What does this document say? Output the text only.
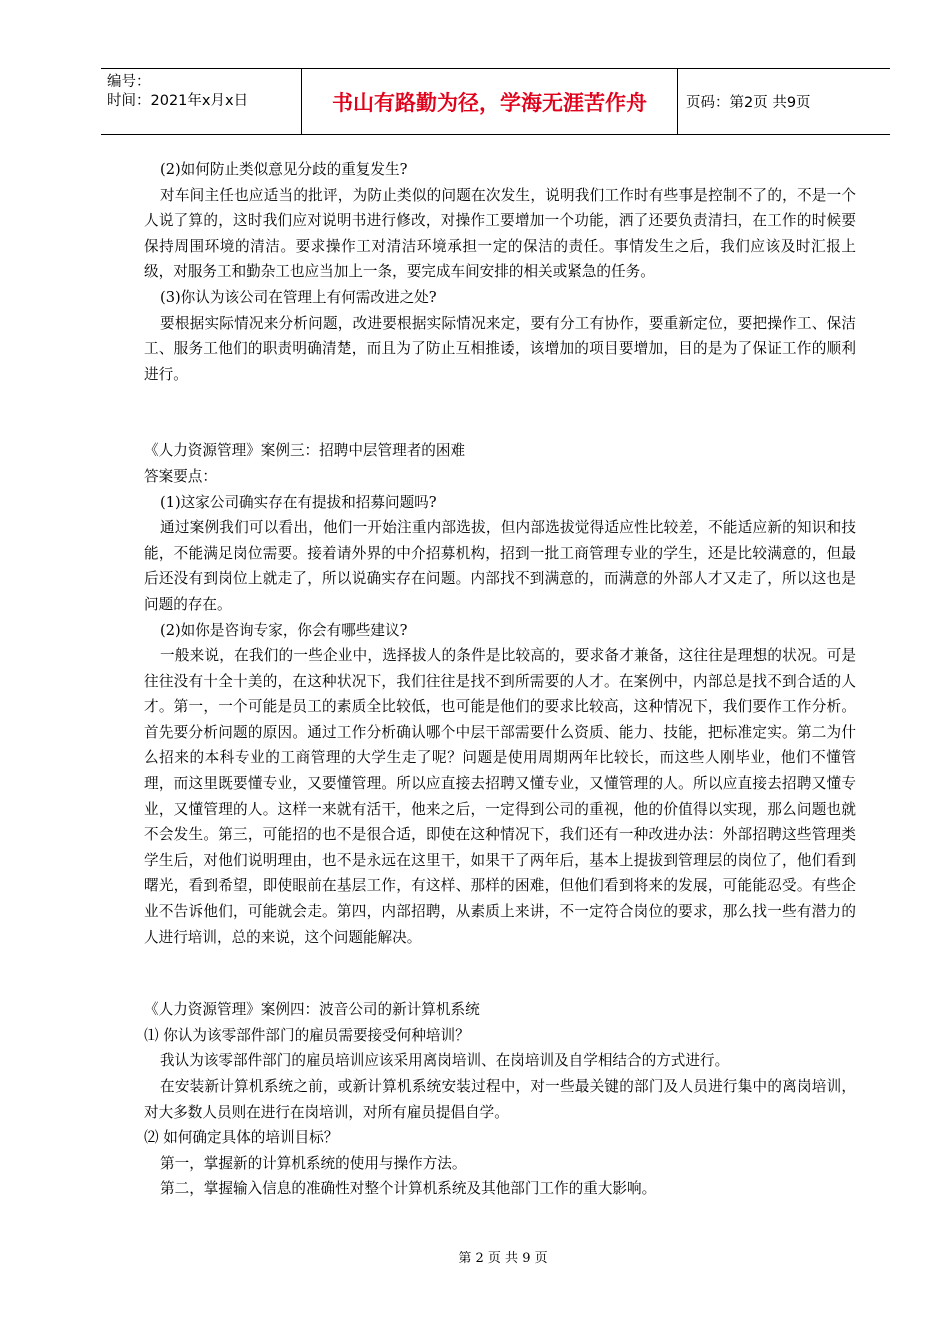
编号：
时间：2021年x月x日	书山有路勤为径，学海无涯苦作舟	页码：第2页 共9页

(2)如何防止类似意见分歧的重复发生?

对车间主任也应适当的批评，为防止类似的问题在次发生，说明我们工作时有些事是控制不了的，不是一个人说了算的，这时我们应对说明书进行修改，对操作工要增加一个功能，洒了还要负责清扫，在工作的时候要保持周围环境的清洁。要求操作工对清洁环境承担一定的保洁的责任。事情发生之后，我们应该及时汇报上级，对服务工和勤杂工也应当加上一条，要完成车间安排的相关或紧急的任务。

(3)你认为该公司在管理上有何需改进之处?

要根据实际情况来分析问题，改进要根据实际情况来定，要有分工有协作，要重新定位，要把操作工、保洁工、服务工他们的职责明确清楚，而且为了防止互相推诿，该增加的项目要增加，目的是为了保证工作的顺利进行。

《人力资源管理》案例三：招聘中层管理者的困难

答案要点：

(1)这家公司确实存在有提拔和招募问题吗?

通过案例我们可以看出，他们一开始注重内部选拔，但内部选拔觉得适应性比较差，不能适应新的知识和技能，不能满足岗位需要。接着请外界的中介招募机构，招到一批工商管理专业的学生，还是比较满意的，但最后还没有到岗位上就走了，所以说确实存在问题。内部找不到满意的，而满意的外部人才又走了，所以这也是问题的存在。

(2)如你是咨询专家，你会有哪些建议?

一般来说，在我们的一些企业中，选择拔人的条件是比较高的，要求备才兼备，这往往是理想的状况。可是往往没有十全十美的，在这种状况下，我们往往是找不到所需要的人才。在案例中，内部总是找不到合适的人才。第一，一个可能是员工的素质全比较低，也可能是他们的要求比较高，这种情况下，我们要作工作分析。首先要分析问题的原因。通过工作分析确认哪个中层干部需要什么资质、能力、技能，把标准定实。第二为什么招来的本科专业的工商管理的大学生走了呢？问题是使用周期两年比较长，而这些人刚毕业，他们不懂管理，而这里既要懂专业，又要懂管理。所以应直接去招聘又懂专业，又懂管理的人。所以应直接去招聘又懂专业，又懂管理的人。这样一来就有活干，他来之后，一定得到公司的重视，他的价值得以实现，那么问题也就不会发生。第三，可能招的也不是很合适，即使在这种情况下，我们还有一种改进办法：外部招聘这些管理类学生后，对他们说明理由，也不是永远在这里干，如果干了两年后，基本上提拔到管理层的岗位了，他们看到曙光，看到希望，即使眼前在基层工作，有这样、那样的困难，但他们看到将来的发展，可能能忍受。有些企业不告诉他们，可能就会走。第四，内部招聘，从素质上来讲，不一定符合岗位的要求，那么找一些有潜力的人进行培训，总的来说，这个问题能解决。

《人力资源管理》案例四：波音公司的新计算机系统

⑴ 你认为该零部件部门的雇员需要接受何种培训？

我认为该零部件部门的雇员培训应该采用离岗培训、在岗培训及自学相结合的方式进行。

在安装新计算机系统之前，或新计算机系统安装过程中，对一些最关键的部门及人员进行集中的离岗培训，对大多数人员则在进行在岗培训，对所有雇员提倡自学。

⑵ 如何确定具体的培训目标？

第一，掌握新的计算机系统的使用与操作方法。

第二，掌握输入信息的准确性对整个计算机系统及其他部门工作的重大影响。

第 2 页 共 9 页
